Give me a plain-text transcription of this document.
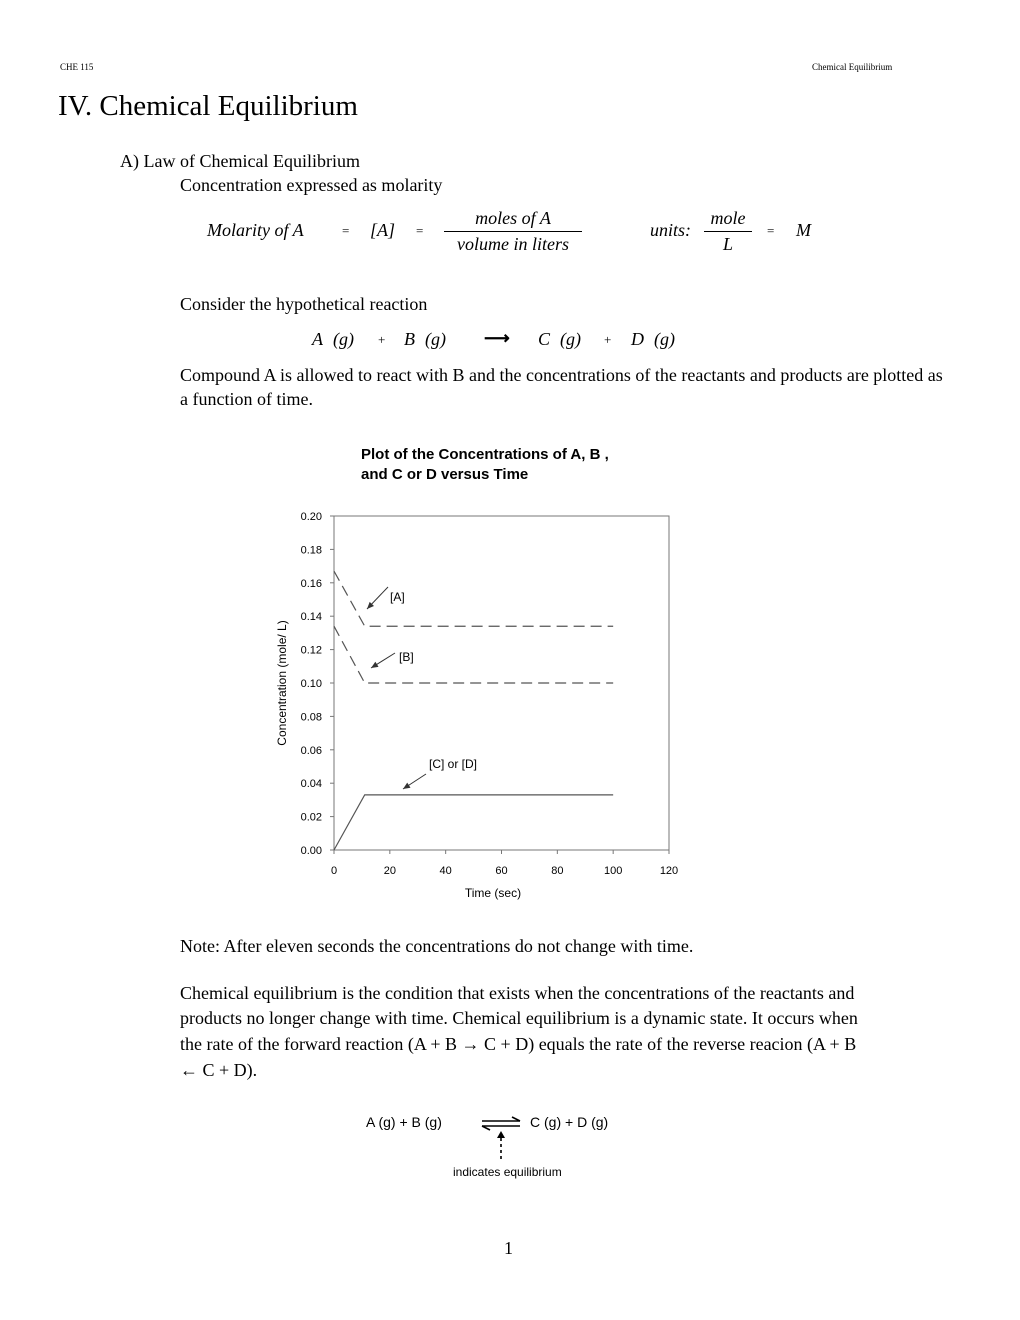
CHE 115	Chemical Equilibrium
IV. Chemical Equilibrium
A) Law of Chemical Equilibrium
Concentration expressed as molarity
Molarity of A	= [A] =
moles of A
volume in liters
units:
mole
L
= M
Consider the hypothetical reaction
A (g) + B (g) ⟶ C (g) + D (g)
Compound A is allowed to react with B and the concentrations of the reactants and products are plotted as a function of time.
Plot of the Concentrations of A, B ,
and C or D versus Time
0	20	40	60	80	100	120
0.00
0.02
0.04
0.06
0.08
0.10
0.12
0.14
0.16
0.18
0.20
[A]
[B]
[C] or [D]
Time (sec)
Concentration (mole/ L)
Note: After eleven seconds the concentrations do not change with time.
Chemical equilibrium is the condition that exists when the concentrations of the reactants and
products no longer change with time. Chemical equilibrium is a dynamic state. It occurs when
the rate of the forward reaction (A + B → C + D) equals the rate of the reverse reacion (A + B
← C + D).
A (g) + B (g)	C (g) + D (g)
indicates equilibrium
1
